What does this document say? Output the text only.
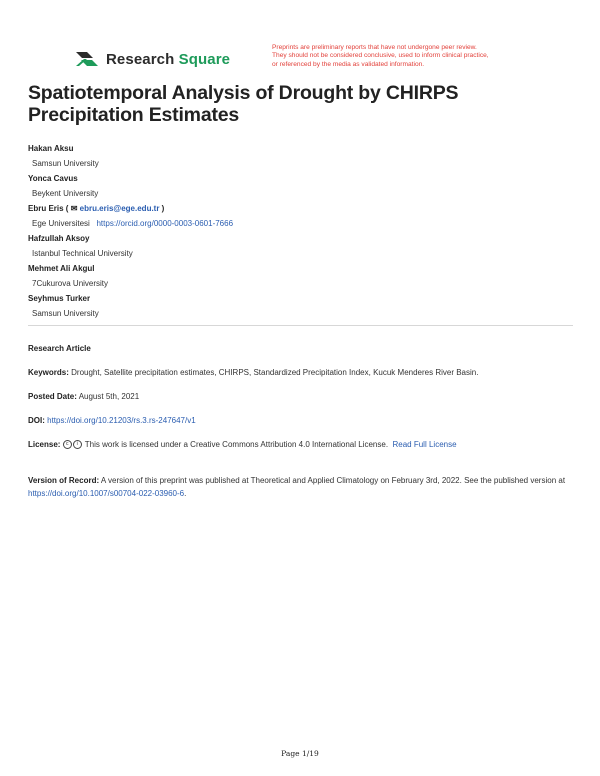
Research Square
Preprints are preliminary reports that have not undergone peer review.
They should not be considered conclusive, used to inform clinical practice,
or referenced by the media as validated information.
Spatiotemporal Analysis of Drought by CHIRPS Precipitation Estimates
Hakan Aksu
Samsun University
Yonca Cavus
Beykent University
Ebru Eris ( ✉ ebru.eris@ege.edu.tr )
Ege Universitesi https://orcid.org/0000-0003-0601-7666
Hafzullah Aksoy
Istanbul Technical University
Mehmet Ali Akgul
7Cukurova University
Seyhmus Turker
Samsun University
Research Article
Keywords: Drought, Satellite precipitation estimates, CHIRPS, Standardized Precipitation Index, Kucuk Menderes River Basin.
Posted Date: August 5th, 2021
DOI: https://doi.org/10.21203/rs.3.rs-247647/v1
License: c i This work is licensed under a Creative Commons Attribution 4.0 International License. Read Full License
Version of Record: A version of this preprint was published at Theoretical and Applied Climatology on February 3rd, 2022. See the published version at https://doi.org/10.1007/s00704-022-03960-6.
Page 1/19
